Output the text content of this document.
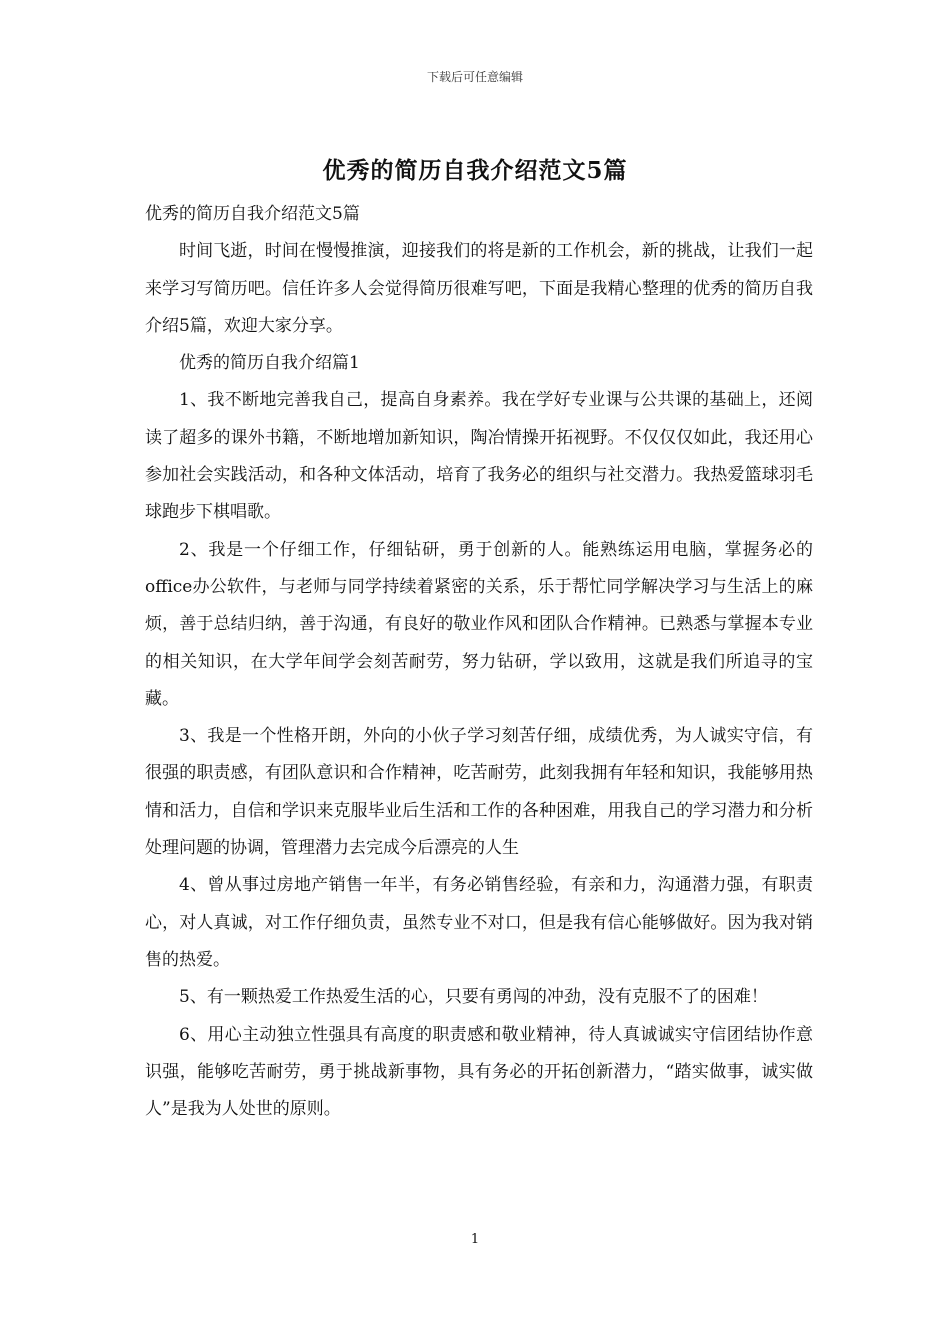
下载后可任意编辑
优秀的简历自我介绍范文5篇

优秀的简历自我介绍范文5篇

时间飞逝，时间在慢慢推演，迎接我们的将是新的工作机会，新的挑战，让我们一起来学习写简历吧。信任许多人会觉得简历很难写吧，下面是我精心整理的优秀的简历自我介绍5篇，欢迎大家分享。

优秀的简历自我介绍篇1

1、我不断地完善我自己，提高自身素养。我在学好专业课与公共课的基础上，还阅读了超多的课外书籍，不断地增加新知识，陶冶情操开拓视野。不仅仅仅如此，我还用心参加社会实践活动，和各种文体活动，培育了我务必的组织与社交潜力。我热爱篮球羽毛球跑步下棋唱歌。

2、我是一个仔细工作，仔细钻研，勇于创新的人。能熟练运用电脑，掌握务必的office办公软件，与老师与同学持续着紧密的关系，乐于帮忙同学解决学习与生活上的麻烦，善于总结归纳，善于沟通，有良好的敬业作风和团队合作精神。已熟悉与掌握本专业的相关知识，在大学年间学会刻苦耐劳，努力钻研，学以致用，这就是我们所追寻的宝藏。

3、我是一个性格开朗，外向的小伙子学习刻苦仔细，成绩优秀，为人诚实守信，有很强的职责感，有团队意识和合作精神，吃苦耐劳，此刻我拥有年轻和知识，我能够用热情和活力，自信和学识来克服毕业后生活和工作的各种困难，用我自己的学习潜力和分析处理问题的协调，管理潜力去完成今后漂亮的人生

4、曾从事过房地产销售一年半，有务必销售经验，有亲和力，沟通潜力强，有职责心，对人真诚，对工作仔细负责，虽然专业不对口，但是我有信心能够做好。因为我对销售的热爱。

5、有一颗热爱工作热爱生活的心，只要有勇闯的冲劲，没有克服不了的困难！

6、用心主动独立性强具有高度的职责感和敬业精神，待人真诚诚实守信团结协作意识强，能够吃苦耐劳，勇于挑战新事物，具有务必的开拓创新潜力，“踏实做事，诚实做人”是我为人处世的原则。

1
